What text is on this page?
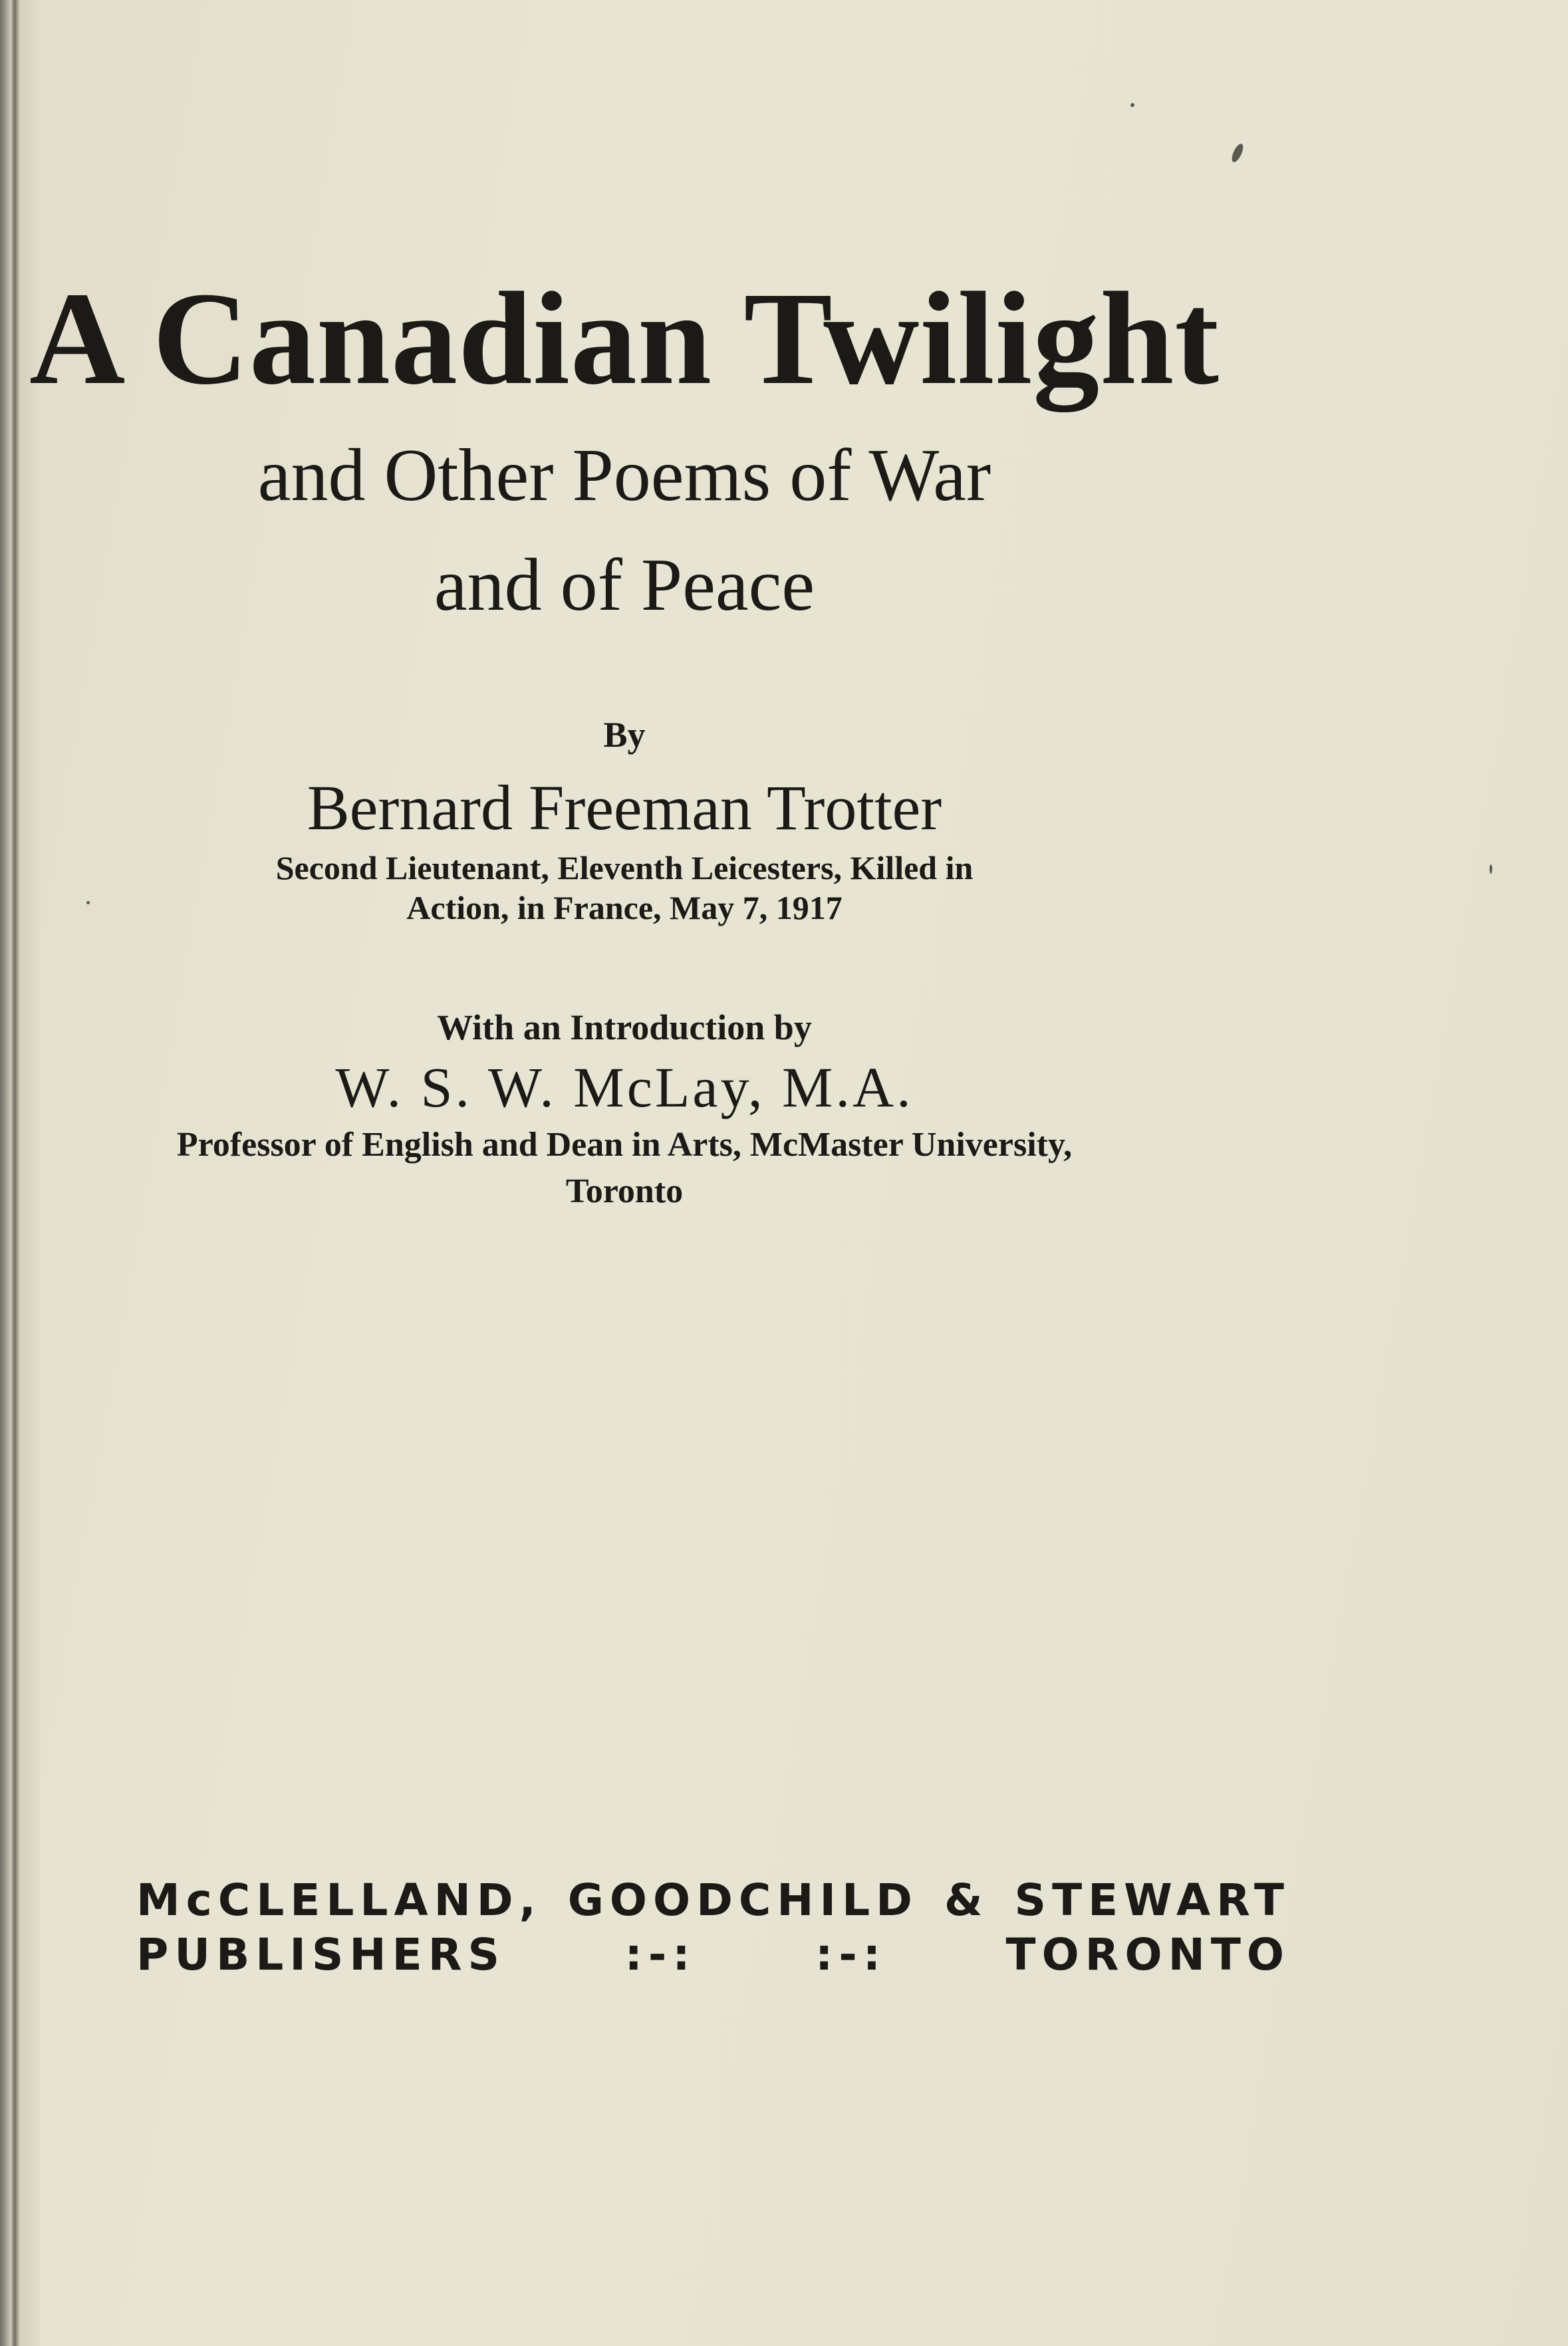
A Canadian Twilight

and Other Poems of War

and of Peace

By

Bernard Freeman Trotter

Second Lieutenant, Eleventh Leicesters, Killed in

Action, in France, May 7, 1917

With an Introduction by

W. S. W. McLay, M.A.

Professor of English and Dean in Arts, McMaster University,

Toronto

McCLELLAND, GOODCHILD & STEWART
PUBLISHERS	:-:	:-:	TORONTO
